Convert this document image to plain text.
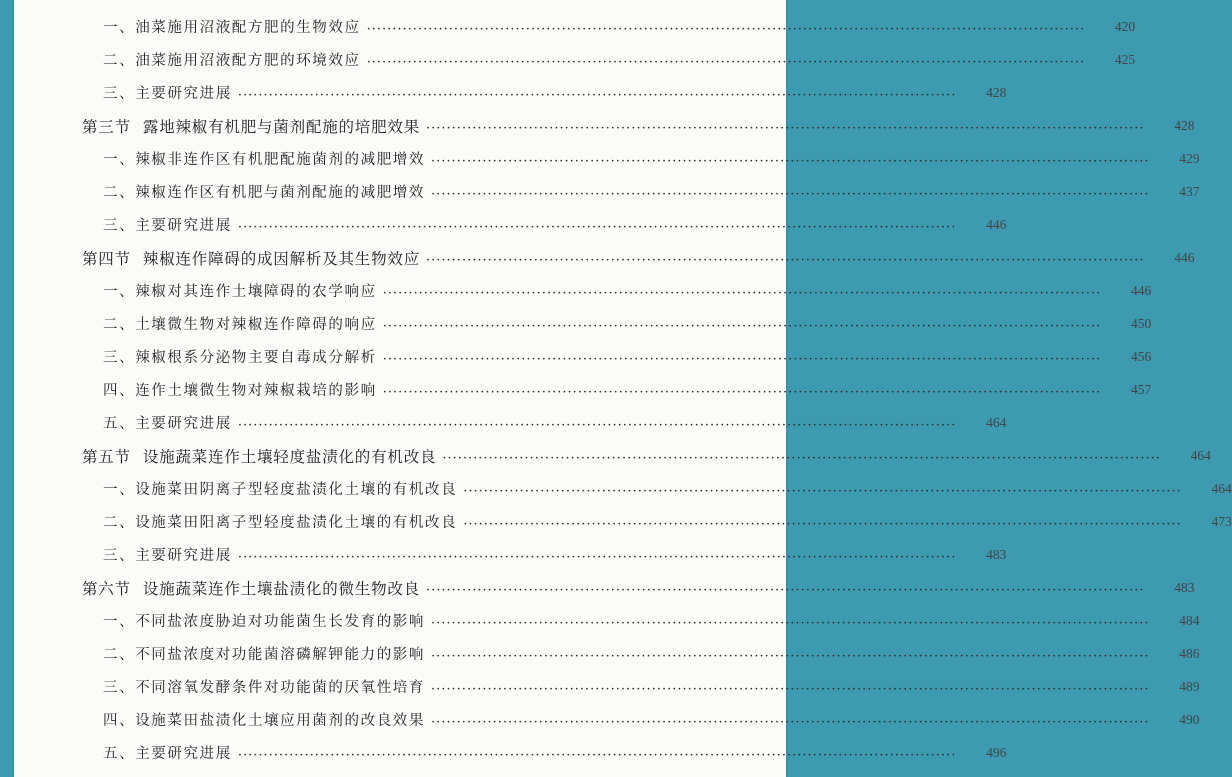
一、油菜施用沼液配方肥的生物效应 ············································································································································	420
二、油菜施用沼液配方肥的环境效应 ············································································································································	425
三、主要研究进展 ············································································································································	428
第三节 露地辣椒有机肥与菌剂配施的培肥效果 ············································································································································	428
一、辣椒非连作区有机肥配施菌剂的减肥增效 ············································································································································	429
二、辣椒连作区有机肥与菌剂配施的减肥增效 ············································································································································	437
三、主要研究进展 ············································································································································	446
第四节 辣椒连作障碍的成因解析及其生物效应 ············································································································································	446
一、辣椒对其连作土壤障碍的农学响应 ············································································································································	446
二、土壤微生物对辣椒连作障碍的响应 ············································································································································	450
三、辣椒根系分泌物主要自毒成分解析 ············································································································································	456
四、连作土壤微生物对辣椒栽培的影响 ············································································································································	457
五、主要研究进展 ············································································································································	464
第五节 设施蔬菜连作土壤轻度盐渍化的有机改良 ············································································································································	464
一、设施菜田阴离子型轻度盐渍化土壤的有机改良 ············································································································································	464
二、设施菜田阳离子型轻度盐渍化土壤的有机改良 ············································································································································	473
三、主要研究进展 ············································································································································	483
第六节 设施蔬菜连作土壤盐渍化的微生物改良 ············································································································································	483
一、不同盐浓度胁迫对功能菌生长发育的影响 ············································································································································	484
二、不同盐浓度对功能菌溶磷解钾能力的影响 ············································································································································	486
三、不同溶氧发酵条件对功能菌的厌氧性培育 ············································································································································	489
四、设施菜田盐渍化土壤应用菌剂的改良效果 ············································································································································	490
五、主要研究进展 ············································································································································	496
